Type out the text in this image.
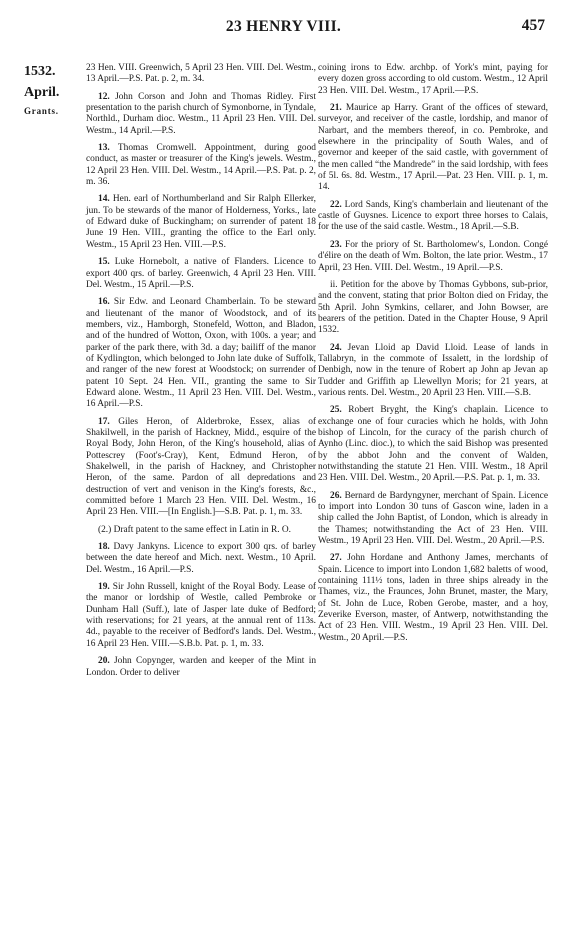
23 HENRY VIII.	457
1532.
April.
Grants.

23 Hen. VIII. Greenwich, 5 April 23 Hen. VIII. Del. Westm., 13 April.—P.S. Pat. p. 2, m. 34.

12. John Corson and John and Thomas Ridley. First presentation to the parish church of Symonborne, in Tyndale, Northld., Durham dioc. Westm., 11 April 23 Hen. VIII. Del. Westm., 14 April.—P.S.

13. Thomas Cromwell. Appointment, during good conduct, as master or treasurer of the King's jewels. Westm., 12 April 23 Hen. VIII. Del. Westm., 14 April.—P.S. Pat. p. 2, m. 36.

14. Hen. earl of Northumberland and Sir Ralph Ellerker, jun. To be stewards of the manor of Holderness, Yorks., late of Edward duke of Buckingham; on surrender of patent 18 June 19 Hen. VIII., granting the office to the Earl only. Westm., 15 April 23 Hen. VIII.—P.S.

15. Luke Hornebolt, a native of Flanders. Licence to export 400 qrs. of barley. Greenwich, 4 April 23 Hen. VIII. Del. Westm., 15 April.—P.S.

16. Sir Edw. and Leonard Chamberlain. To be steward and lieutenant of the manor of Woodstock, and of its members, viz., Hamborgh, Stonefeld, Wotton, and Bladon, and of the hundred of Wotton, Oxon, with 100s. a year; and parker of the park there, with 3d. a day; bailiff of the manor of Kydlington, which belonged to John late duke of Suffolk, and ranger of the new forest at Woodstock; on surrender of patent 10 Sept. 24 Hen. VII., granting the same to Sir Edward alone. Westm., 11 April 23 Hen. VIII. Del. Westm., 16 April.—P.S.

17. Giles Heron, of Alderbroke, Essex, alias of Shakilwell, in the parish of Hackney, Midd., esquire of the Royal Body, John Heron, of the King's household, alias of Pottescrey (Foot's-Cray), Kent, Edmund Heron, of Shakelwell, in the parish of Hackney, and Christopher Heron, of the same. Pardon of all depredations and destruction of vert and venison in the King's forests, &c., committed before 1 March 23 Hen. VIII. Del. Westm., 16 April 23 Hen. VIII.—[In English.]—S.B. Pat. p. 1, m. 33.

(2.) Draft patent to the same effect in Latin in R. O.

18. Davy Jankyns. Licence to export 300 qrs. of barley between the date hereof and Mich. next. Westm., 10 April. Del. Westm., 16 April.—P.S.

19. Sir John Russell, knight of the Royal Body. Lease of the manor or lordship of Westle, called Pembroke or Dunham Hall (Suff.), late of Jasper late duke of Bedford; with reservations; for 21 years, at the annual rent of 113s. 4d., payable to the receiver of Bedford's lands. Del. Westm., 16 April 23 Hen. VIII.—S.B.b. Pat. p. 1, m. 33.

20. John Copynger, warden and keeper of the Mint in London. Order to deliver

coining irons to Edw. archbp. of York's mint, paying for every dozen gross according to old custom. Westm., 12 April 23 Hen. VIII. Del. Westm., 17 April.—P.S.

21. Maurice ap Harry. Grant of the offices of steward, surveyor, and receiver of the castle, lordship, and manor of Narbart, and the members thereof, in co. Pembroke, and elsewhere in the principality of South Wales, and of governor and keeper of the said castle, with government of the men called “the Mandrede” in the said lordship, with fees of 5l. 6s. 8d. Westm., 17 April.—Pat. 23 Hen. VIII. p. 1, m. 14.

22. Lord Sands, King's chamberlain and lieutenant of the castle of Guysnes. Licence to export three horses to Calais, for the use of the said castle. Westm., 18 April.—S.B.

23. For the priory of St. Bartholomew's, London. Congé d'élire on the death of Wm. Bolton, the late prior. Westm., 17 April, 23 Hen. VIII. Del. Westm., 19 April.—P.S.

ii. Petition for the above by Thomas Gybbons, sub-prior, and the convent, stating that prior Bolton died on Friday, the 5th April. John Symkins, cellarer, and John Bowser, are bearers of the petition. Dated in the Chapter House, 9 April 1532.

24. Jevan Lloid ap David Lloid. Lease of lands in Tallabryn, in the commote of Issalett, in the lordship of Denbigh, now in the tenure of Robert ap John ap Jevan ap Tudder and Griffith ap Llewellyn Moris; for 21 years, at various rents. Del. Westm., 20 April 23 Hen. VIII.—S.B.

25. Robert Bryght, the King's chaplain. Licence to exchange one of four curacies which he holds, with John bishop of Lincoln, for the curacy of the parish church of Aynho (Linc. dioc.), to which the said Bishop was presented by the abbot John and the convent of Walden, notwithstanding the statute 21 Hen. VIII. Westm., 18 April 23 Hen. VIII. Del. Westm., 20 April.—P.S. Pat. p. 1, m. 33.

26. Bernard de Bardyngyner, merchant of Spain. Licence to import into London 30 tuns of Gascon wine, laden in a ship called the John Baptist, of London, which is already in the Thames; notwithstanding the Act of 23 Hen. VIII. Westm., 19 April 23 Hen. VIII. Del. Westm., 20 April.—P.S.

27. John Hordane and Anthony James, merchants of Spain. Licence to import into London 1,682 baletts of wood, containing 111½ tons, laden in three ships already in the Thames, viz., the Fraunces, John Brunet, master, the Mary, of St. John de Luce, Roben Gerobe, master, and a hoy, Zeverike Everson, master, of Antwerp, notwithstanding the Act of 23 Hen. VIII. Westm., 19 April 23 Hen. VIII. Del. Westm., 20 April.—P.S.
